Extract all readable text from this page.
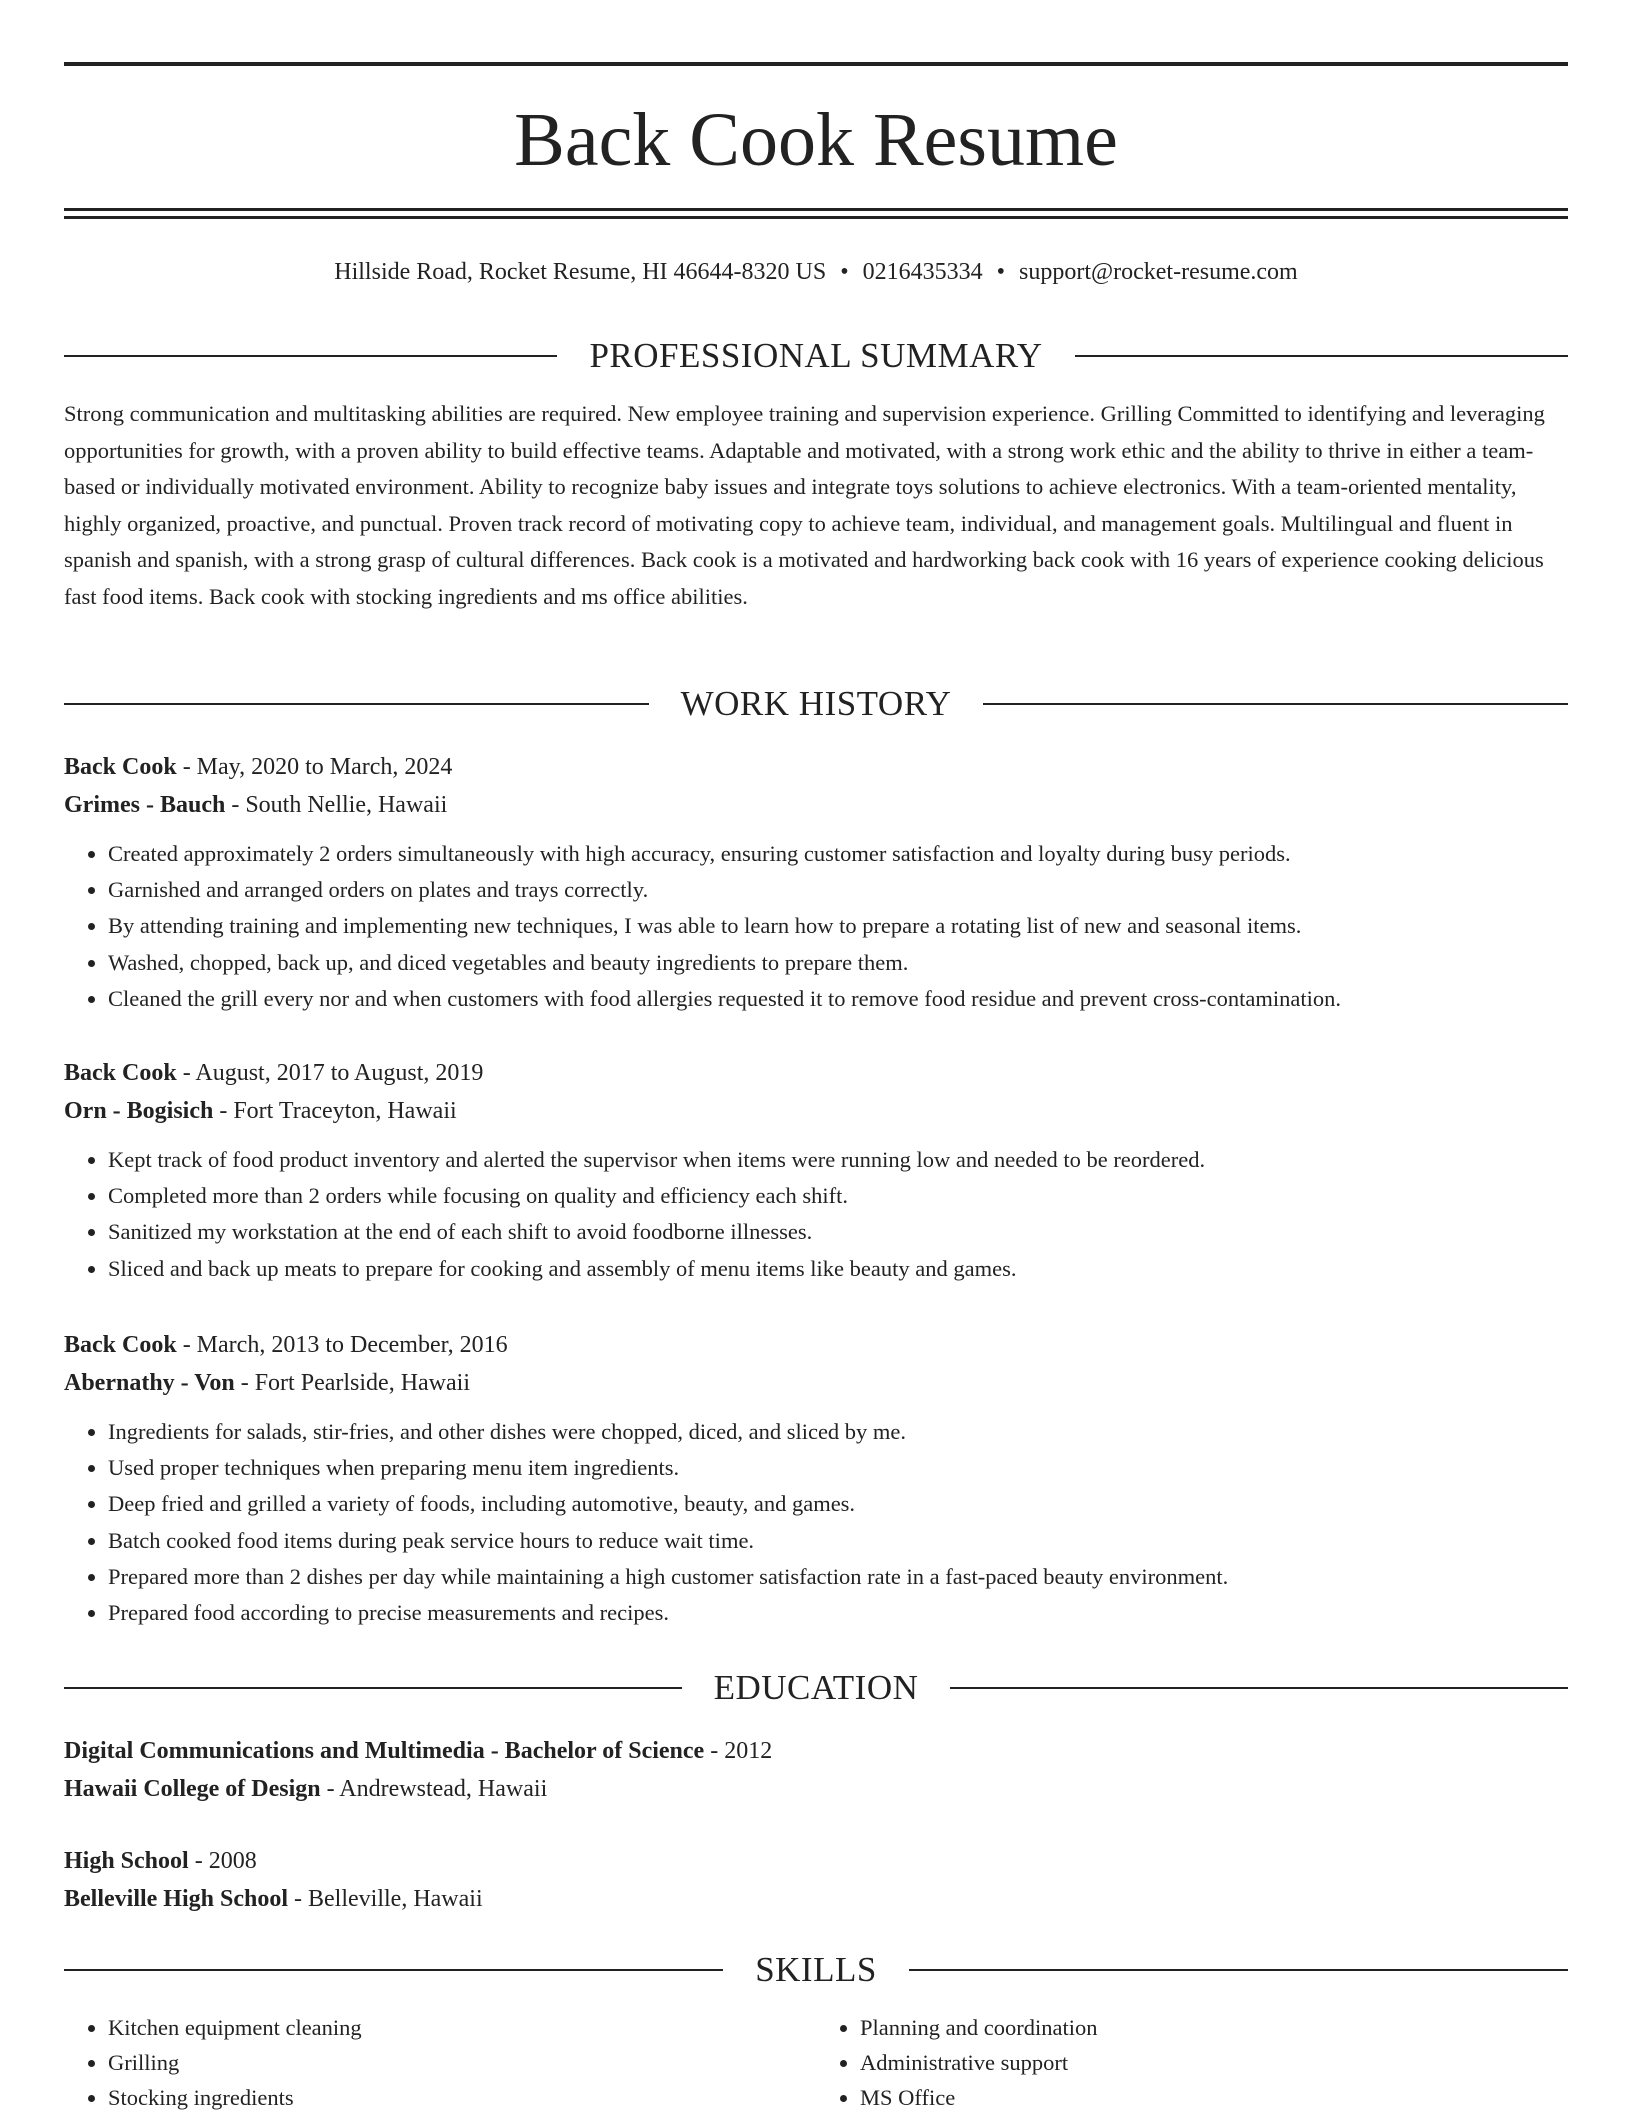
Back Cook Resume
Hillside Road, Rocket Resume, HI 46644-8320 US • 0216435334 • support@rocket-resume.com
PROFESSIONAL SUMMARY

Strong communication and multitasking abilities are required. New employee training and supervision experience. Grilling Committed to identifying and leveraging opportunities for growth, with a proven ability to build effective teams. Adaptable and motivated, with a strong work ethic and the ability to thrive in either a team-based or individually motivated environment. Ability to recognize baby issues and integrate toys solutions to achieve electronics. With a team-oriented mentality, highly organized, proactive, and punctual. Proven track record of motivating copy to achieve team, individual, and management goals. Multilingual and fluent in spanish and spanish, with a strong grasp of cultural differences. Back cook is a motivated and hardworking back cook with 16 years of experience cooking delicious fast food items. Back cook with stocking ingredients and ms office abilities.

WORK HISTORY
Back Cook - May, 2020 to March, 2024
Grimes - Bauch - South Nellie, Hawaii
• Created approximately 2 orders simultaneously with high accuracy, ensuring customer satisfaction and loyalty during busy periods.
• Garnished and arranged orders on plates and trays correctly.
• By attending training and implementing new techniques, I was able to learn how to prepare a rotating list of new and seasonal items.
• Washed, chopped, back up, and diced vegetables and beauty ingredients to prepare them.
• Cleaned the grill every nor and when customers with food allergies requested it to remove food residue and prevent cross-contamination.
Back Cook - August, 2017 to August, 2019
Orn - Bogisich - Fort Traceyton, Hawaii
• Kept track of food product inventory and alerted the supervisor when items were running low and needed to be reordered.
• Completed more than 2 orders while focusing on quality and efficiency each shift.
• Sanitized my workstation at the end of each shift to avoid foodborne illnesses.
• Sliced and back up meats to prepare for cooking and assembly of menu items like beauty and games.
Back Cook - March, 2013 to December, 2016
Abernathy - Von - Fort Pearlside, Hawaii
• Ingredients for salads, stir-fries, and other dishes were chopped, diced, and sliced by me.
• Used proper techniques when preparing menu item ingredients.
• Deep fried and grilled a variety of foods, including automotive, beauty, and games.
• Batch cooked food items during peak service hours to reduce wait time.
• Prepared more than 2 dishes per day while maintaining a high customer satisfaction rate in a fast-paced beauty environment.
• Prepared food according to precise measurements and recipes.
EDUCATION
Digital Communications and Multimedia - Bachelor of Science - 2012
Hawaii College of Design - Andrewstead, Hawaii
High School - 2008
Belleville High School - Belleville, Hawaii
SKILLS
• Kitchen equipment cleaning
• Grilling
• Stocking ingredients
• Planning and coordination
• Administrative support
• MS Office
